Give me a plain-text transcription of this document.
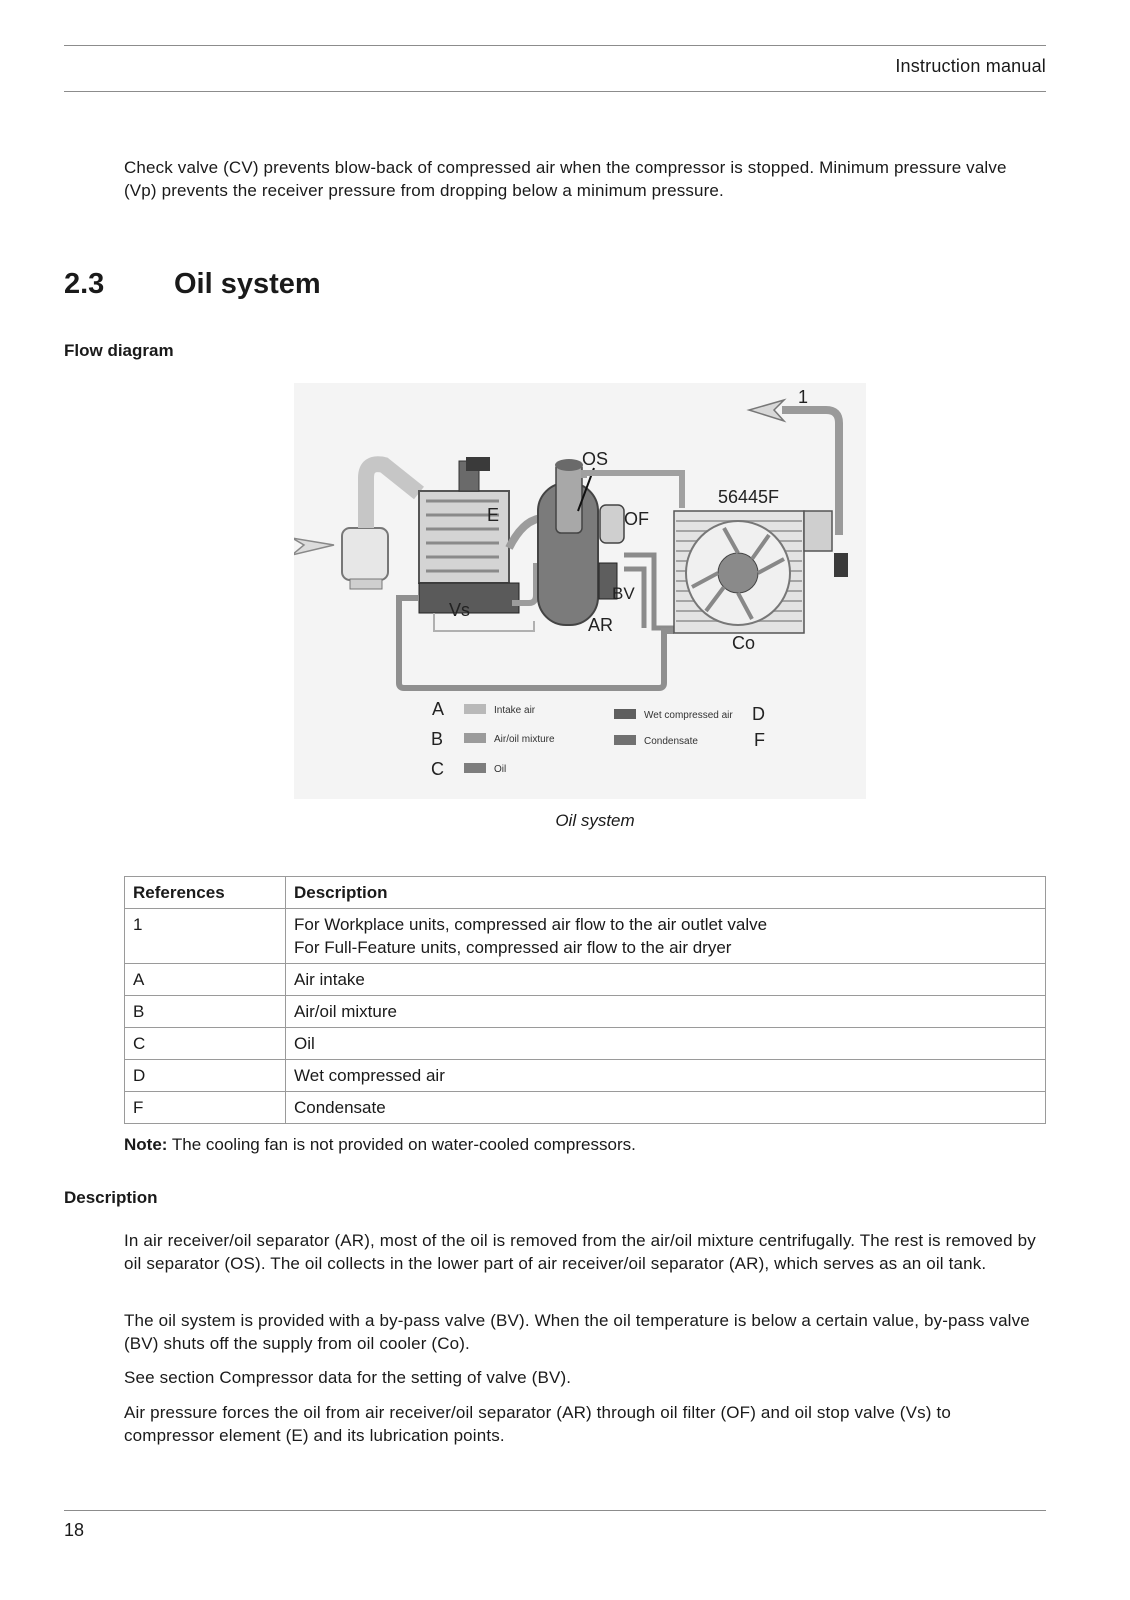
Instruction manual

Check valve (CV) prevents blow-back of compressed air when the compressor is stopped. Minimum pressure valve (Vp) prevents the receiver pressure from dropping below a minimum pressure.

2.3 Oil system
Flow diagram
1
E
Vs
OS
AR
OF
BV
56445F
Co
A	Intake air
B	Air/oil mixture
C	Oil
Wet compressed air D
Condensate	F
Oil system
References	Description
1	For Workplace units, compressed air flow to the air outlet valve
For Full-Feature units, compressed air flow to the air dryer

A	Air intake
B	Air/oil mixture
C	Oil
D	Wet compressed air
F	Condensate
Note: The cooling fan is not provided on water-cooled compressors.
Description

In air receiver/oil separator (AR), most of the oil is removed from the air/oil mixture centrifugally. The rest is removed by oil separator (OS). The oil collects in the lower part of air receiver/oil separator (AR), which serves as an oil tank.

The oil system is provided with a by-pass valve (BV). When the oil temperature is below a certain value, by-pass valve (BV) shuts off the supply from oil cooler (Co).

See section Compressor data for the setting of valve (BV).

Air pressure forces the oil from air receiver/oil separator (AR) through oil filter (OF) and oil stop valve (Vs) to compressor element (E) and its lubrication points.

18
